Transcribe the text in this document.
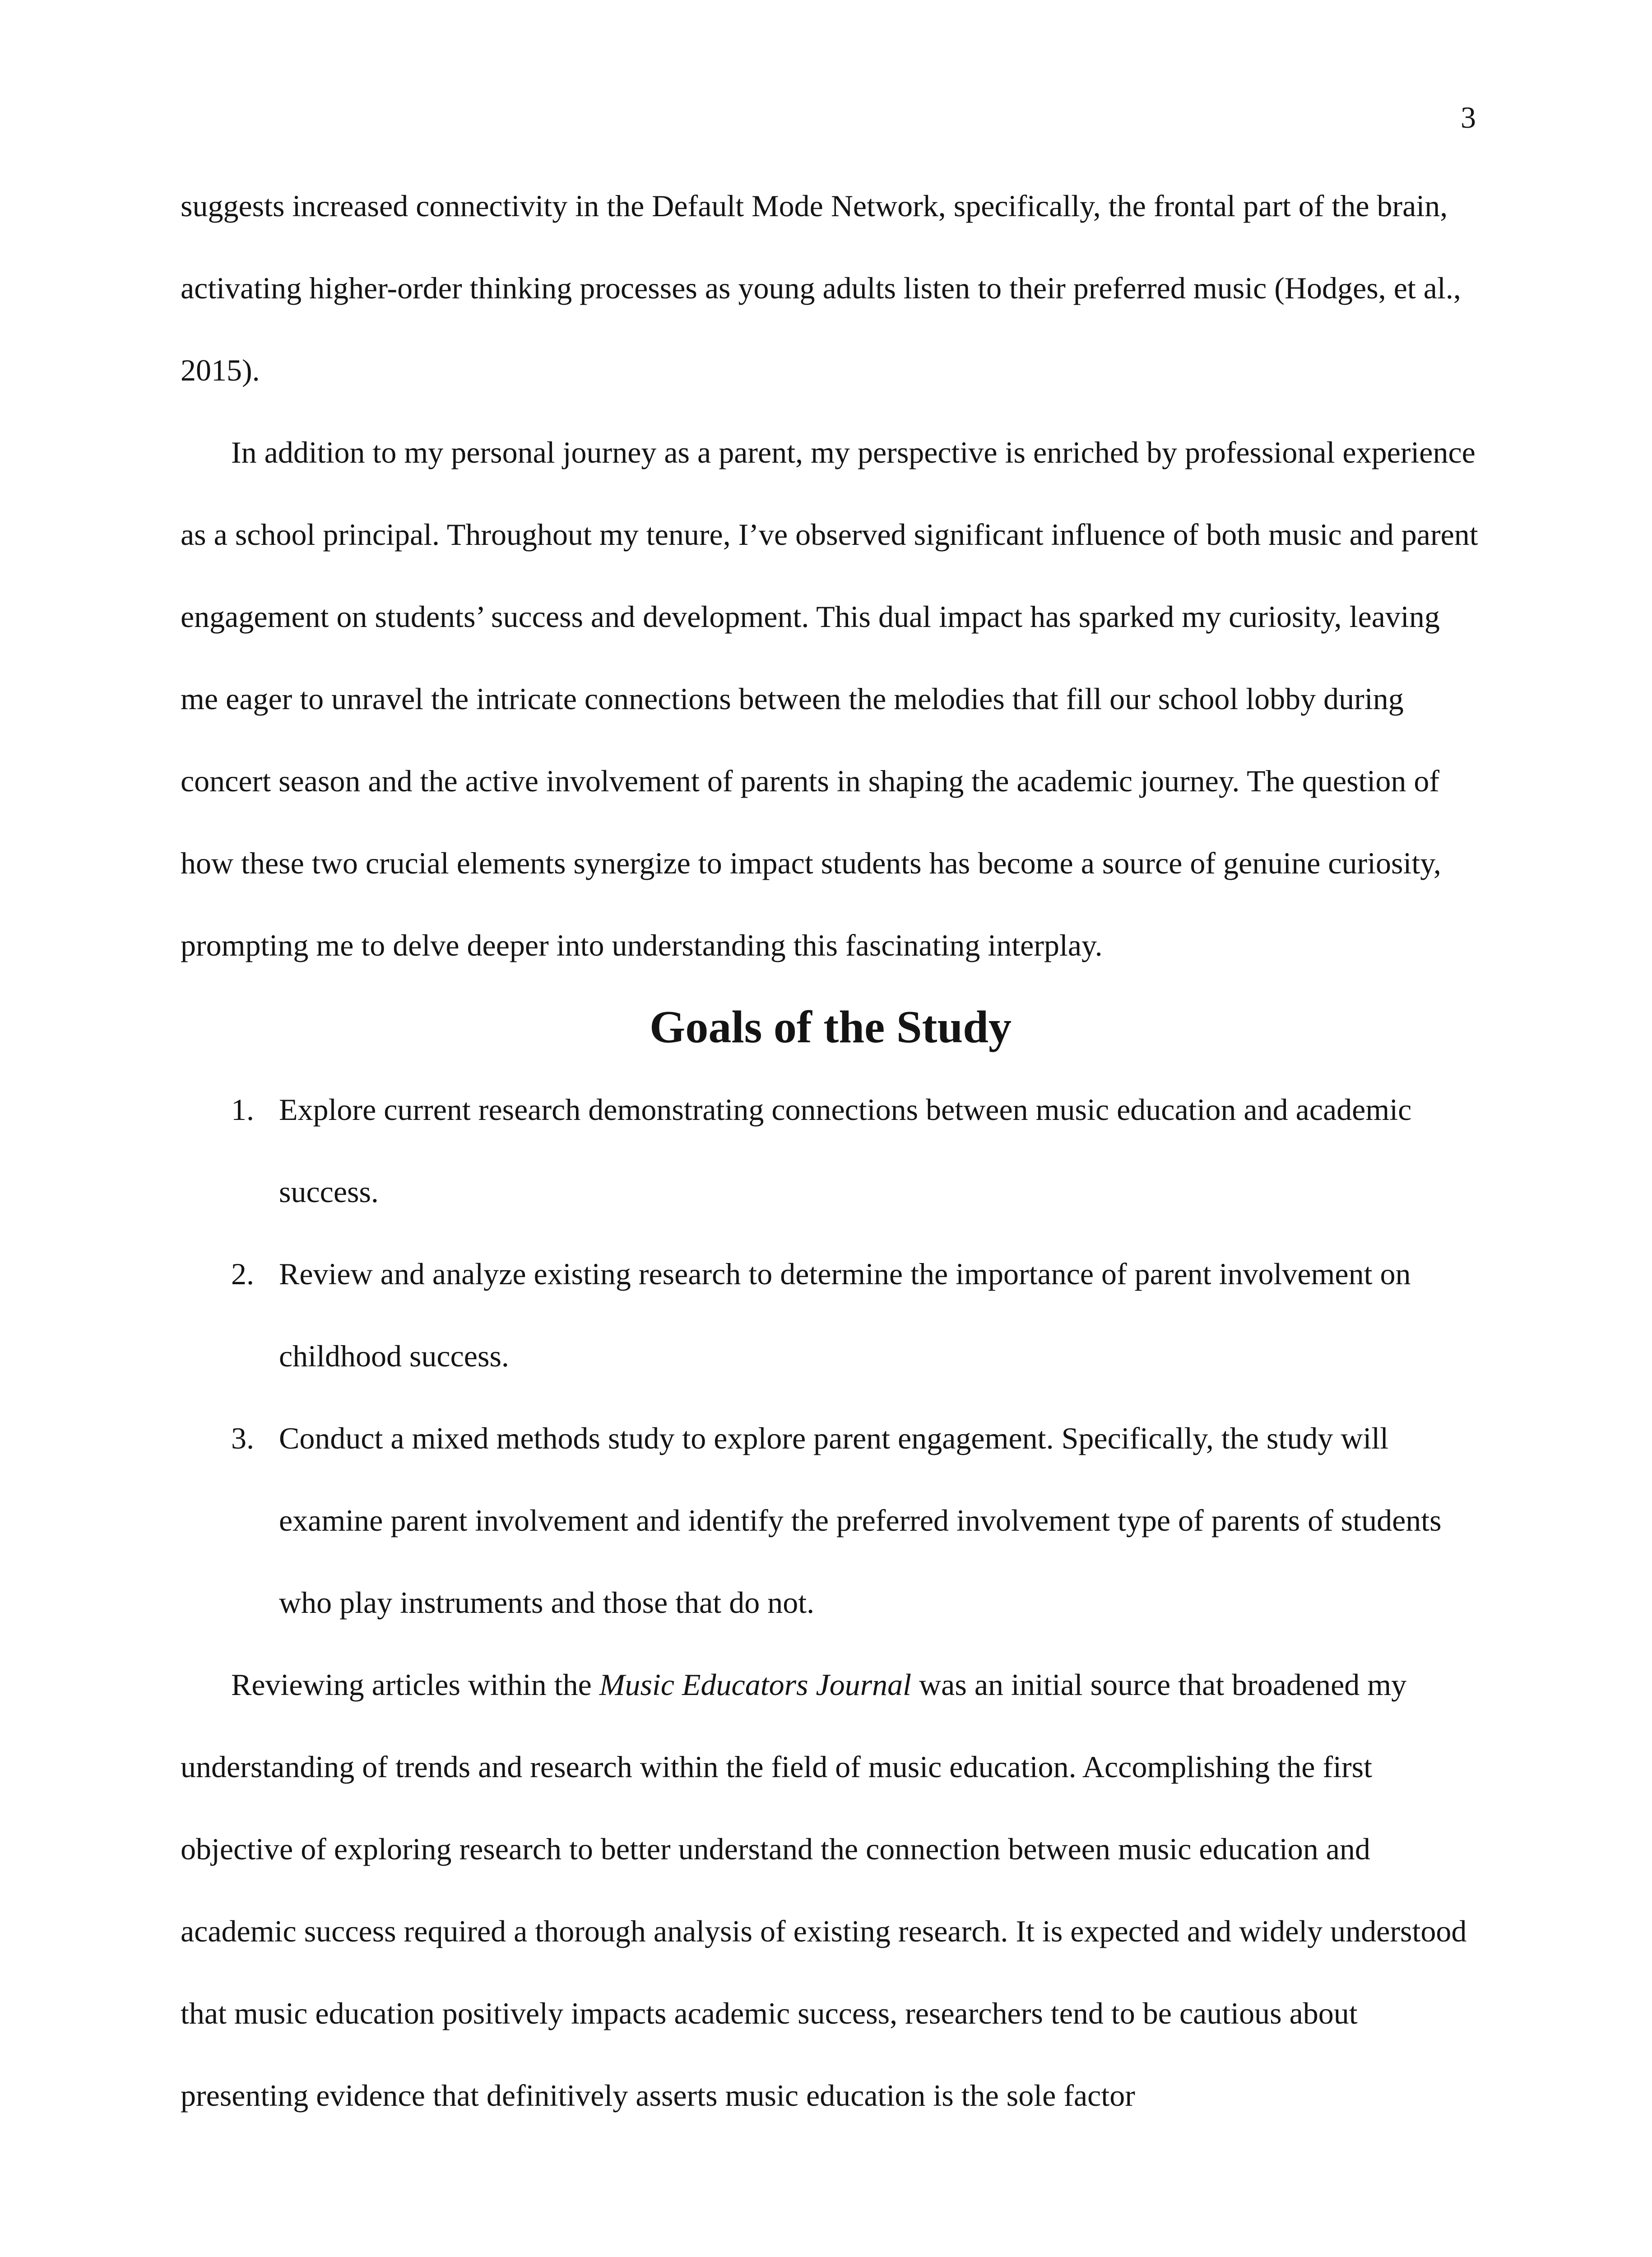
3

suggests increased connectivity in the Default Mode Network, specifically, the frontal part of the brain, activating higher-order thinking processes as young adults listen to their preferred music (Hodges, et al., 2015).

In addition to my personal journey as a parent, my perspective is enriched by professional experience as a school principal. Throughout my tenure, I’ve observed significant influence of both music and parent engagement on students’ success and development. This dual impact has sparked my curiosity, leaving me eager to unravel the intricate connections between the melodies that fill our school lobby during concert season and the active involvement of parents in shaping the academic journey. The question of how these two crucial elements synergize to impact students has become a source of genuine curiosity, prompting me to delve deeper into understanding this fascinating interplay.

Goals of the Study
1. Explore current research demonstrating connections between music education and academic success.
2. Review and analyze existing research to determine the importance of parent involvement on childhood success.
3. Conduct a mixed methods study to explore parent engagement. Specifically, the study will examine parent involvement and identify the preferred involvement type of parents of students who play instruments and those that do not.

Reviewing articles within the Music Educators Journal was an initial source that broadened my understanding of trends and research within the field of music education. Accomplishing the first objective of exploring research to better understand the connection between music education and academic success required a thorough analysis of existing research. It is expected and widely understood that music education positively impacts academic success, researchers tend to be cautious about presenting evidence that definitively asserts music education is the sole factor
